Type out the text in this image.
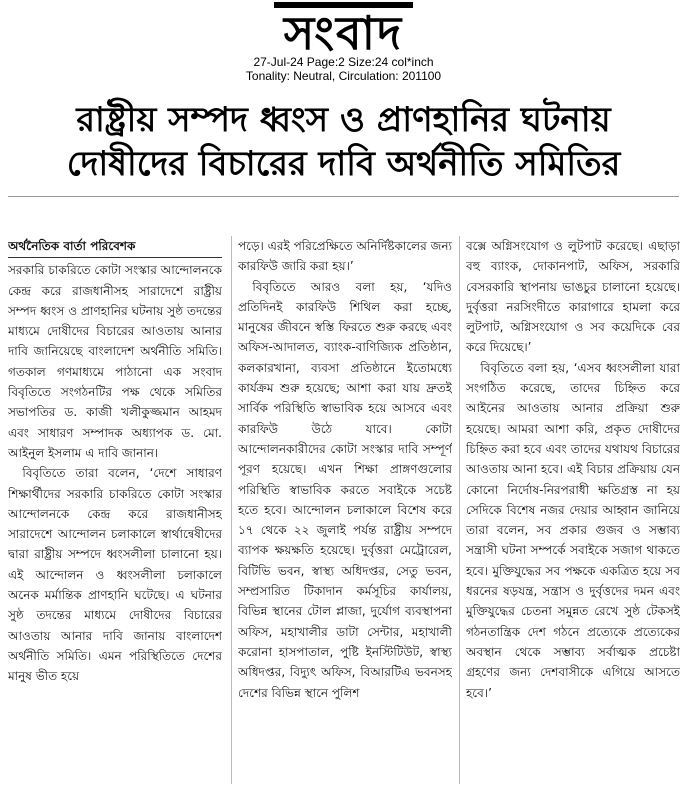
সংবাদ
27-Jul-24 Page:2 Size:24 col*inch
Tonality: Neutral, Circulation: 201100
রাষ্ট্রীয় সম্পদ ধ্বংস ও প্রাণহানির ঘটনায়
দোষীদের বিচারের দাবি অর্থনীতি সমিতির
অর্থনৈতিক বার্তা পরিবেশক

সরকারি চাকরিতে কোটা সংস্কার আন্দোলনকে কেন্দ্র করে রাজধানীসহ সারাদেশে রাষ্ট্রীয় সম্পদ ধ্বংস ও প্রাণহানির ঘটনায় সুষ্ঠ তদন্তের মাধ্যমে দোষীদের বিচারের আওতায় আনার দাবি জানিয়েছে বাংলাদেশ অর্থনীতি সমিতি। গতকাল গণমাধ্যমে পাঠানো এক সংবাদ বিবৃতিতে সংগঠনটির পক্ষ থেকে সমিতির সভাপতির ড. কাজী খলীকুজ্জমান আহমদ এবং সাধারণ সম্পাদক অধ্যাপক ড. মো. আইনুল ইসলাম এ দাবি জানান।

বিবৃতিতে তারা বলেন, ‘দেশে সাধারণ শিক্ষার্থীদের সরকারি চাকরিতে কোটা সংস্কার আন্দোলনকে কেন্দ্র করে রাজধানীসহ সারাদেশে আন্দোলন চলাকালে স্বার্থান্বেষীদের দ্বারা রাষ্ট্রীয় সম্পদে ধ্বংসলীলা চালানো হয়। এই আন্দোলন ও ধ্বংসলীলা চলাকালে অনেক মর্মান্তিক প্রাণহানি ঘটেছে। এ ঘটনার সুষ্ঠ তদন্তের মাধ্যমে দোষীদের বিচারের আওতায় আনার দাবি জানায় বাংলাদেশ অর্থনীতি সমিতি। এমন পরিস্থিতিতে দেশের মানুষ ভীত হয়ে

পড়ে। এরই পরিপ্রেক্ষিতে অনির্দিষ্টকালের জন্য কারফিউ জারি করা হয়।’

বিবৃতিতে আরও বলা হয়, ‘যদিও প্রতিদিনই কারফিউ শিথিল করা হচ্ছে, মানুষের জীবনে স্বস্তি ফিরতে শুরু করছে এবং অফিস-আদালত, ব্যাংক-বাণিজ্যিক প্রতিষ্ঠান, কলকারখানা, ব্যবসা প্রতিষ্ঠানে ইতোমধ্যে কার্যক্রম শুরু হয়েছে; আশা করা যায় দ্রুতই সার্বিক পরিস্থিতি স্বাভাবিক হয়ে আসবে এবং কারফিউ উঠে যাবে। কোটা আন্দোলনকারীদের কোটা সংস্কার দাবি সম্পূর্ণ পূরণ হয়েছে। এখন শিক্ষা প্রাঙ্গণগুলোর পরিস্থিতি স্বাভাবিক করতে সবাইকে সচেষ্ট হতে হবে। আন্দোলন চলাকালে বিশেষ করে ১৭ থেকে ২২ জুলাই পর্যন্ত রাষ্ট্রীয় সম্পদে ব্যাপক ক্ষয়ক্ষতি হয়েছে। দুর্বৃত্তরা মেট্রোরেল, বিটিভি ভবন, স্বাস্থ্য অধিদপ্তর, সেতু ভবন, সম্প্রসারিত টিকাদান কর্মসূচির কার্যালয়, বিভিন্ন স্থানের টোল প্লাজা, দুর্যোগ ব্যবস্থাপনা অফিস, মহাখালীর ডাটা সেন্টার, মহাখালী করোনা হাসপাতাল, পুষ্টি ইনস্টিটিউট, স্বাস্থ্য অধিদপ্তর, বিদ্যুৎ অফিস, বিআরটিএ ভবনসহ দেশের বিভিন্ন স্থানে পুলিশ

বক্সে অগ্নিসংযোগ ও লুটপাট করেছে। এছাড়া বহু ব্যাংক, দোকানপাট, অফিস, সরকারি বেসরকারি স্থাপনায় ভাঙচুর চালানো হয়েছে। দুর্বৃত্তরা নরসিংদীতে কারাগারে হামলা করে লুটপাট, অগ্নিসংযোগ ও সব কয়েদিকে বের করে দিয়েছে।’

বিবৃতিতে বলা হয়, ‘এসব ধ্বংসলীলা যারা সংগঠিত করেছে, তাদের চিহ্নিত করে আইনের আওতায় আনার প্রক্রিয়া শুরু হয়েছে। আমরা আশা করি, প্রকৃত দোষীদের চিহ্নিত করা হবে এবং তাদের যথাযথ বিচারের আওতায় আনা হবে। এই বিচার প্রক্রিয়ায় যেন কোনো নির্দোষ-নিরপরাধী ক্ষতিগ্রস্ত না হয় সেদিকে বিশেষ নজর দেয়ার আহ্বান জানিয়ে তারা বলেন, সব প্রকার গুজব ও সম্ভাব্য সন্ত্রাসী ঘটনা সম্পর্কে সবাইকে সজাগ থাকতে হবে। মুক্তিযুদ্ধের সব পক্ষকে একত্রিত হয়ে সব ধরনের ষড়যন্ত্র, সন্ত্রাস ও দুর্বৃত্তদের দমন এবং মুক্তিযুদ্ধের চেতনা সমুন্নত রেখে সুষ্ঠ টেকসই গঠনতান্ত্রিক দেশ গঠনে প্রত্যেকে প্রত্যেকের অবস্থান থেকে সম্ভাব্য সর্বাত্মক প্রচেষ্টা গ্রহণের জন্য দেশবাসীকে এগিয়ে আসতে হবে।’
